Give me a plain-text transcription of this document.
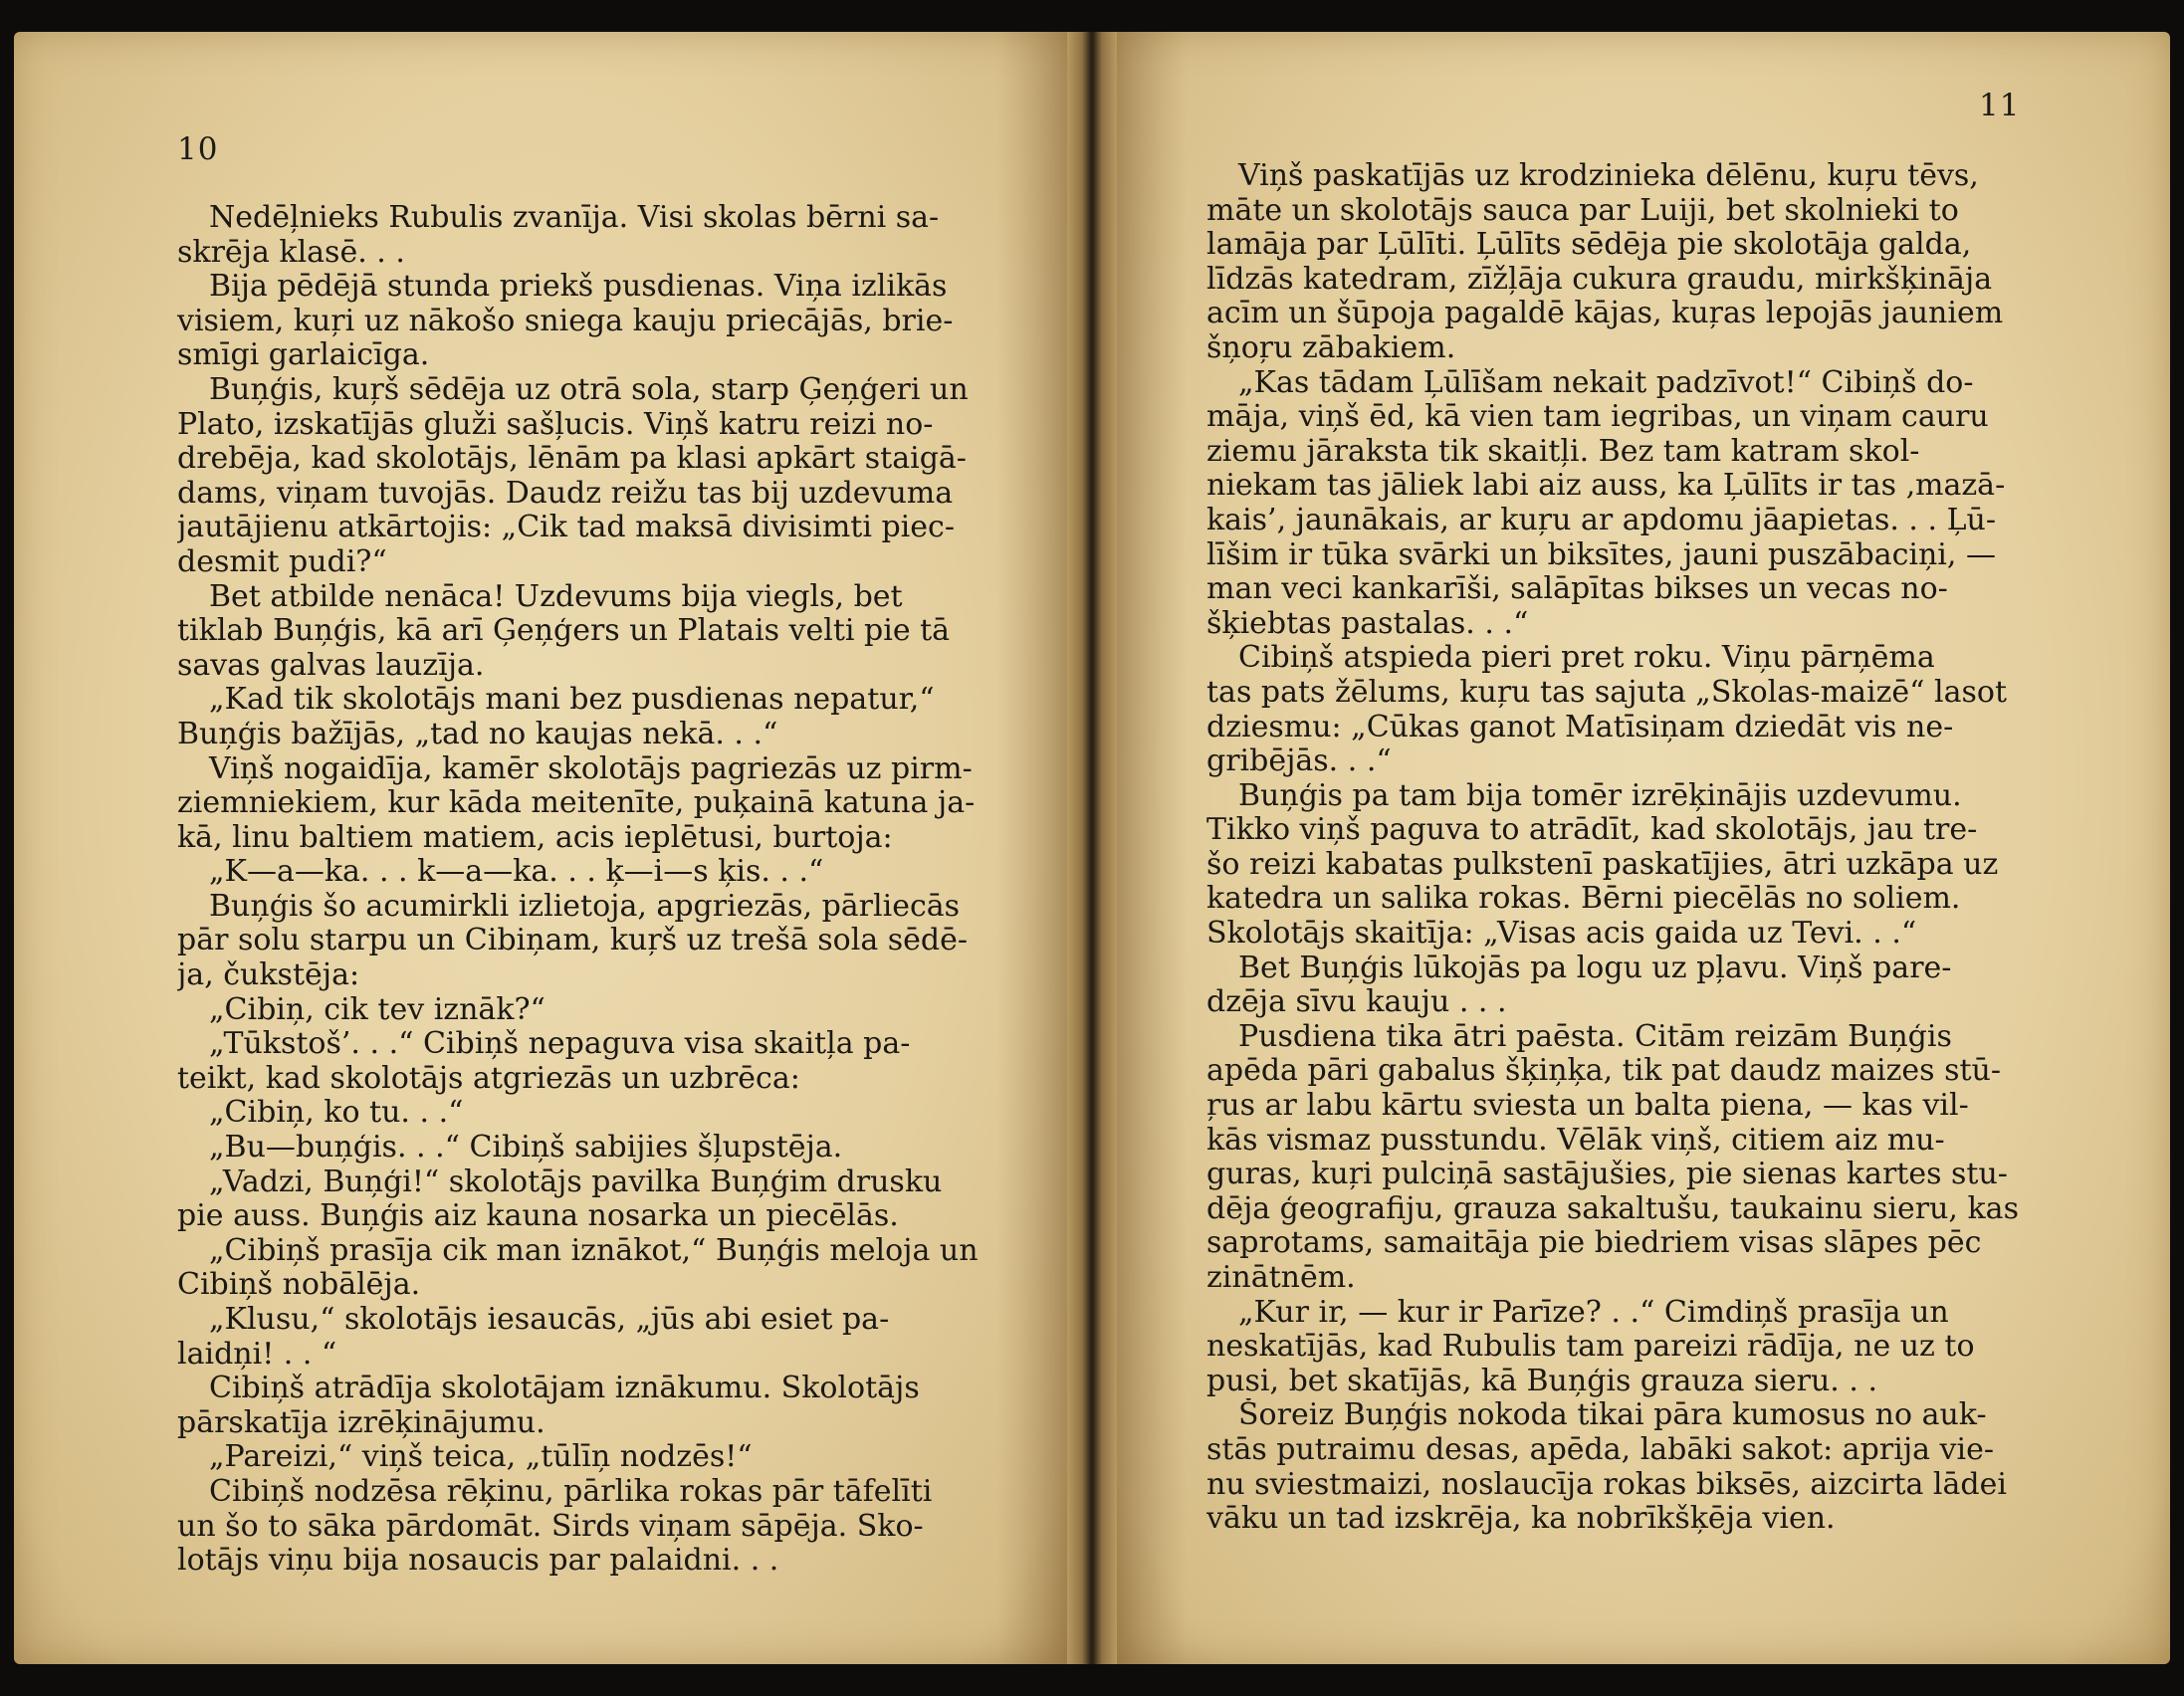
10
Nedēļnieks Rubulis zvanīja. Visi skolas bērni sa-
skrēja klasē. . .
Bija pēdējā stunda priekš pusdienas. Viņa izlikās
visiem, kuŗi uz nākošo sniega kauju priecājās, brie-
smīgi garlaicīga.
Buņģis, kuŗš sēdēja uz otrā sola, starp Ģeņģeri un
Plato, izskatījās gluži sašļucis. Viņš katru reizi no-
drebēja, kad skolotājs, lēnām pa klasi apkārt staigā-
dams, viņam tuvojās. Daudz reižu tas bij uzdevuma
jautājienu atkārtojis: „Cik tad maksā divisimti piec-
desmit pudi?“
Bet atbilde nenāca! Uzdevums bija viegls, bet
tiklab Buņģis, kā arī Ģeņģers un Platais velti pie tā
savas galvas lauzīja.
„Kad tik skolotājs mani bez pusdienas nepatur,“
Buņģis bažījās, „tad no kaujas nekā. . .“
Viņš nogaidīja, kamēr skolotājs pagriezās uz pirm-
ziemniekiem, kur kāda meitenīte, puķainā katuna ja-
kā, linu baltiem matiem, acis ieplētusi, burtoja:
„K—a—ka. . . k—a—ka. . . ķ—i—s ķis. . .“
Buņģis šo acumirkli izlietoja, apgriezās, pārliecās
pār solu starpu un Cibiņam, kuŗš uz trešā sola sēdē-
ja, čukstēja:
„Cibiņ, cik tev iznāk?“
„Tūkstoš’. . .“ Cibiņš nepaguva visa skaitļa pa-
teikt, kad skolotājs atgriezās un uzbrēca:
„Cibiņ, ko tu. . .“
„Bu—buņģis. . .“ Cibiņš sabijies šļupstēja.
„Vadzi, Buņģi!“ skolotājs pavilka Buņģim drusku
pie auss. Buņģis aiz kauna nosarka un piecēlās.
„Cibiņš prasīja cik man iznākot,“ Buņģis meloja un
Cibiņš nobālēja.
„Klusu,“ skolotājs iesaucās, „jūs abi esiet pa-
laidņi! . . “
Cibiņš atrādīja skolotājam iznākumu. Skolotājs
pārskatīja izrēķinājumu.
„Pareizi,“ viņš teica, „tūlīņ nodzēs!“
Cibiņš nodzēsa rēķinu, pārlika rokas pār tāfelīti
un šo to sāka pārdomāt. Sirds viņam sāpēja. Sko-
lotājs viņu bija nosaucis par palaidni. . .
11
Viņš paskatījās uz krodzinieka dēlēnu, kuŗu tēvs,
māte un skolotājs sauca par Luiji, bet skolnieki to
lamāja par Ļūlīti. Ļūlīts sēdēja pie skolotāja galda,
līdzās katedram, zīžļāja cukura graudu, mirkšķināja
acīm un šūpoja pagaldē kājas, kuŗas lepojās jauniem
šņoŗu zābakiem.
„Kas tādam Ļūlīšam nekait padzīvot!“ Cibiņš do-
māja, viņš ēd, kā vien tam iegribas, un viņam cauru
ziemu jāraksta tik skaitļi. Bez tam katram skol-
niekam tas jāliek labi aiz auss, ka Ļūlīts ir tas ‚mazā-
kais’, jaunākais, ar kuŗu ar apdomu jāapietas. . . Ļū-
līšim ir tūka svārki un biksītes, jauni puszābaciņi, —
man veci kankarīši, salāpītas bikses un vecas no-
šķiebtas pastalas. . .“
Cibiņš atspieda pieri pret roku. Viņu pārņēma
tas pats žēlums, kuŗu tas sajuta „Skolas-maizē“ lasot
dziesmu: „Cūkas ganot Matīsiņam dziedāt vis ne-
gribējās. . .“
Buņģis pa tam bija tomēr izrēķinājis uzdevumu.
Tikko viņš paguva to atrādīt, kad skolotājs, jau tre-
šo reizi kabatas pulkstenī paskatījies, ātri uzkāpa uz
katedra un salika rokas. Bērni piecēlās no soliem.
Skolotājs skaitīja: „Visas acis gaida uz Tevi. . .“
Bet Buņģis lūkojās pa logu uz pļavu. Viņš pare-
dzēja sīvu kauju . . .
Pusdiena tika ātri paēsta. Citām reizām Buņģis
apēda pāri gabalus šķiņķa, tik pat daudz maizes stū-
ŗus ar labu kārtu sviesta un balta piena, — kas vil-
kās vismaz pusstundu. Vēlāk viņš, citiem aiz mu-
guras, kuŗi pulciņā sastājušies, pie sienas kartes stu-
dēja ģeografiju, grauza sakaltušu, taukainu sieru, kas
saprotams, samaitāja pie biedriem visas slāpes pēc
zinātnēm.
„Kur ir, — kur ir Parīze? . .“ Cimdiņš prasīja un
neskatījās, kad Rubulis tam pareizi rādīja, ne uz to
pusi, bet skatījās, kā Buņģis grauza sieru. . .
Šoreiz Buņģis nokoda tikai pāra kumosus no auk-
stās putraimu desas, apēda, labāki sakot: aprija vie-
nu sviestmaizi, noslaucīja rokas biksēs, aizcirta lādei
vāku un tad izskrēja, ka nobrīkšķēja vien.
